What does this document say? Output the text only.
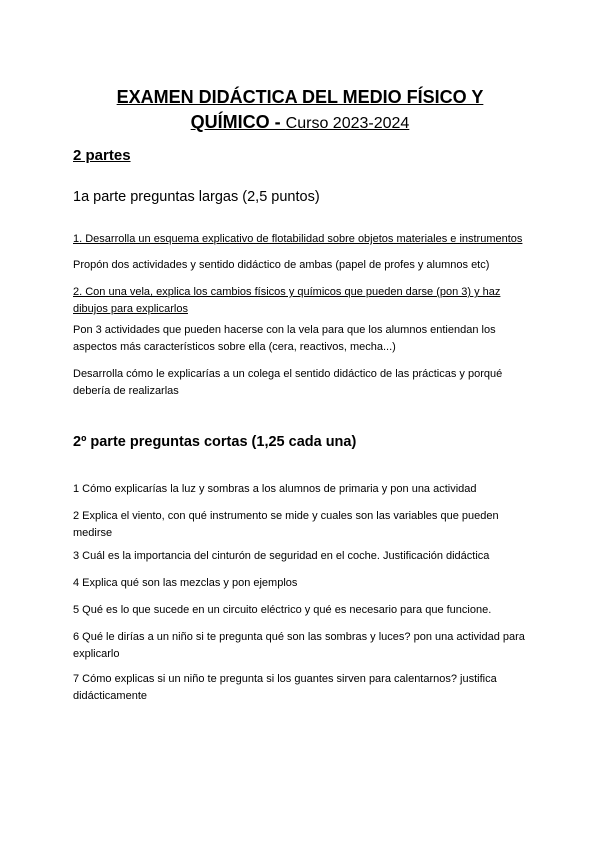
EXAMEN DIDÁCTICA DEL MEDIO FÍSICO Y
QUÍMICO - Curso 2023-2024
2 partes
1a parte preguntas largas (2,5 puntos)
1. Desarrolla un esquema explicativo de flotabilidad sobre objetos materiales e instrumentos
Propón dos actividades y sentido didáctico de ambas (papel de profes y alumnos etc)
2. Con una vela, explica los cambios físicos y químicos que pueden darse (pon 3) y haz dibujos para explicarlos
Pon 3 actividades que pueden hacerse con la vela para que los alumnos entiendan los aspectos más característicos sobre ella (cera, reactivos, mecha...)
Desarrolla cómo le explicarías a un colega el sentido didáctico de las prácticas y porqué debería de realizarlas
2º parte preguntas cortas (1,25 cada una)
1 Cómo explicarías la luz y sombras a los alumnos de primaria y pon una actividad
2 Explica el viento, con qué instrumento se mide y cuales son las variables que pueden medirse
3 Cuál es la importancia del cinturón de seguridad en el coche. Justificación didáctica
4 Explica qué son las mezclas y pon ejemplos
5 Qué es lo que sucede en un circuito eléctrico y qué es necesario para que funcione.
6 Qué le dirías a un niño si te pregunta qué son las sombras y luces? pon una actividad para explicarlo
7 Cómo explicas si un niño te pregunta si los guantes sirven para calentarnos? justifica didácticamente
